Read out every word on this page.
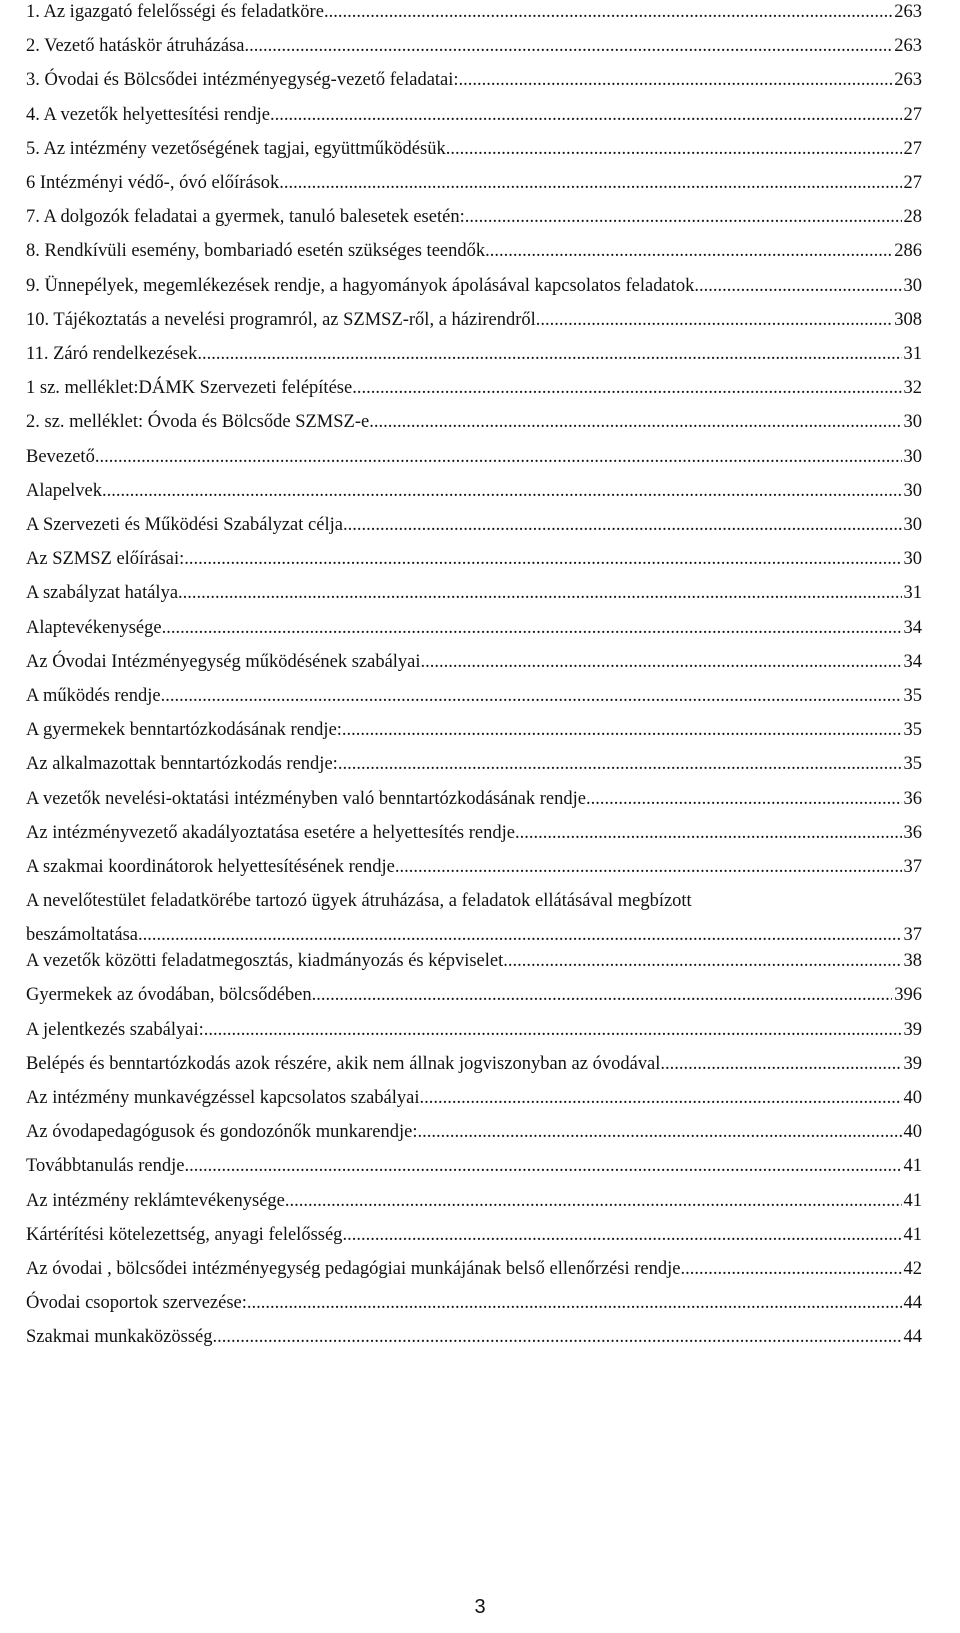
1. Az igazgató felelősségi és feladatköre .....	263
2. Vezető hatáskör átruházása .....	263
3. Óvodai és Bölcsődei intézményegység-vezető feladatai: .....	263
4. A vezetők helyettesítési rendje .....	27
5. Az intézmény vezetőségének tagjai, együttműködésük .....	27
6 Intézményi védő-, óvó előírások .....	27
7. A dolgozók feladatai a gyermek, tanuló balesetek esetén: .....	28
8. Rendkívüli esemény, bombariadó esetén szükséges teendők .....	286
9. Ünnepélyek, megemlékezések rendje, a hagyományok ápolásával kapcsolatos feladatok .....	30
10. Tájékoztatás a nevelési programról, az SZMSZ-ről, a házirendről .....	308
11. Záró rendelkezések .....	31
1 sz. melléklet:DÁMK Szervezeti felépítése .....	32
2. sz. melléklet: Óvoda és Bölcsőde SZMSZ-e .....	30
Bevezető .....	30
Alapelvek .....	30
A Szervezeti és Működési Szabályzat célja .....	30
Az SZMSZ előírásai: .....	30
A szabályzat hatálya .....	31
Alaptevékenysége .....	34
Az Óvodai Intézményegység működésének szabályai .....	34
A működés rendje .....	35
A gyermekek benntartózkodásának rendje: .....	35
Az alkalmazottak benntartózkodás rendje: .....	35
A vezetők nevelési-oktatási intézményben való benntartózkodásának rendje .....	36
Az intézményvezető akadályoztatása esetére a helyettesítés rendje .....	36
A szakmai koordinátorok helyettesítésének rendje .....	37
A nevelőtestület feladatkörébe tartozó ügyek átruházása, a feladatok ellátásával megbízott
beszámoltatása .....	37
A vezetők közötti feladatmegosztás, kiadmányozás és képviselet .....	38
Gyermekek az óvodában, bölcsődében .....	396
A jelentkezés szabályai: .....	39
Belépés és benntartózkodás azok részére, akik nem állnak jogviszonyban az óvodával. .....	39
Az intézmény munkavégzéssel kapcsolatos szabályai .....	40
Az óvodapedagógusok és gondozónők munkarendje: .....	40
Továbbtanulás rendje .....	41
Az intézmény reklámtevékenysége .....	41
Kártérítési kötelezettség, anyagi felelősség .....	41
Az óvodai , bölcsődei intézményegység pedagógiai munkájának belső ellenőrzési rendje .....	42
Óvodai csoportok szervezése: .....	44
Szakmai munkaközösség .....	44
3
